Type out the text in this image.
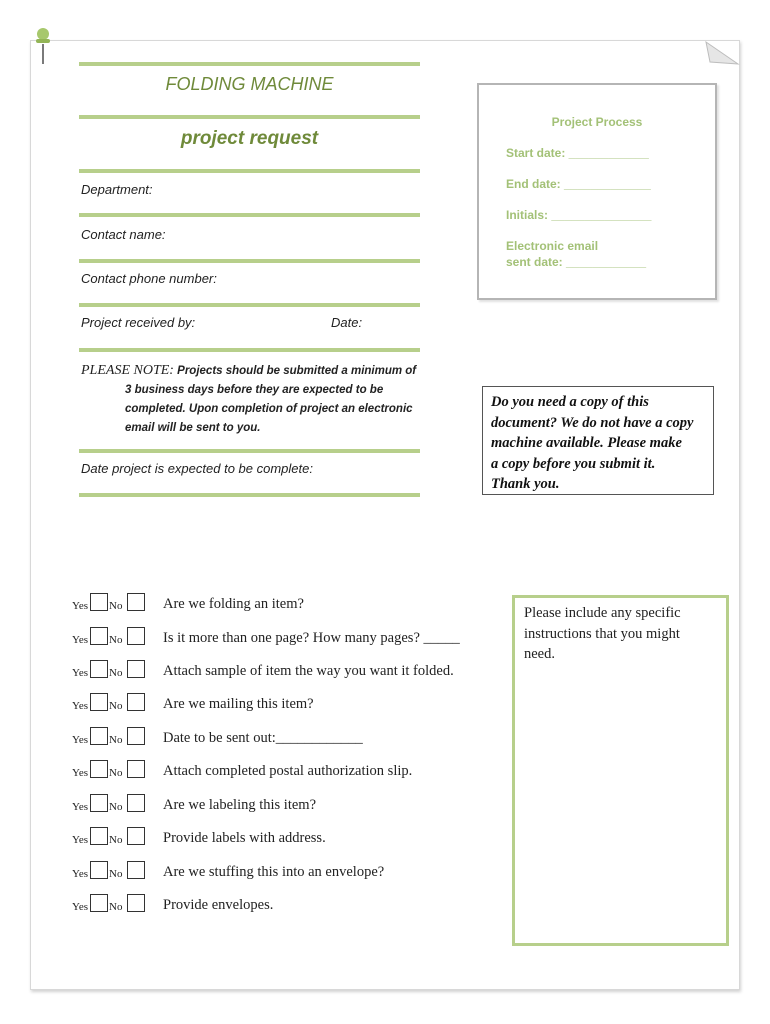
FOLDING MACHINE
project request
Department:
Contact name:
Contact phone number:
Project received by:	Date:
PLEASE NOTE: Projects should be submitted a minimum of
3 business days before they are expected to be
completed. Upon completion of project an electronic
email will be sent to you.
Date project is expected to be complete:
Project Process
Start date: ____________
End date: _____________
Initials: _______________
Electronic email
sent date: ____________
Do you need a copy of this
document? We do not have a copy
machine available. Please make
a copy before you submit it.
Thank you.
Please include any specific
instructions that you might
need.
Yes No	Are we folding an item?
Yes No	Is it more than one page? How many pages? _____
Yes No	Attach sample of item the way you want it folded.
Yes No	Are we mailing this item?
Yes No	Date to be sent out:____________
Yes No	Attach completed postal authorization slip.
Yes No	Are we labeling this item?
Yes No	Provide labels with address.
Yes No	Are we stuffing this into an envelope?
Yes No	Provide envelopes.
